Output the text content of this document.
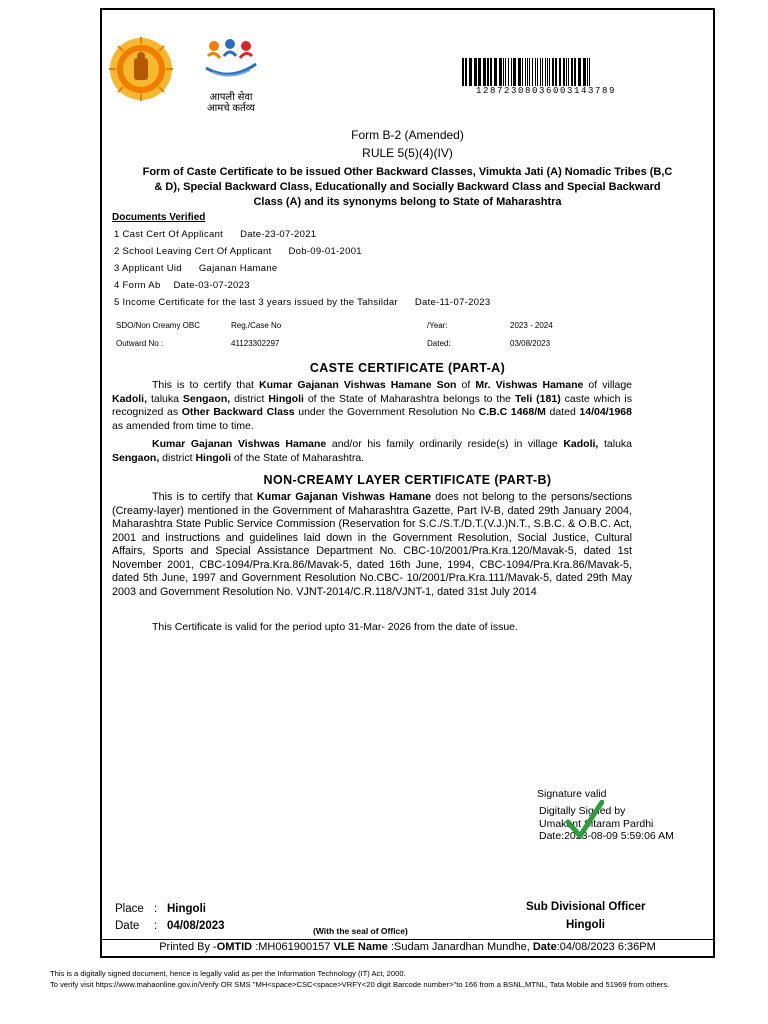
आपली सेवा
आमचे कर्तव्य
12872308036003143789
Form B-2 (Amended)
RULE 5(5)(4)(IV)
Form of Caste Certificate to be issued Other Backward Classes, Vimukta Jati (A) Nomadic Tribes (B,C & D), Special Backward Class, Educationally and Socially Backward Class and Special Backward Class (A) and its synonyms belong to State of Maharashtra
Documents Verified
1 Cast Cert Of Applicant Date-23-07-2021
2 School Leaving Cert Of Applicant Dob-09-01-2001
3 Applicant Uid Gajanan Hamane
4 Form Ab Date-03-07-2023
5 Income Certificate for the last 3 years issued by the Tahsildar Date-11-07-2023
SDO/Non Creamy OBC	Reg./Case No	/Year:	2023 - 2024
Outward No :	41123302297	Dated:	03/08/2023
CASTE CERTIFICATE (PART-A)
This is to certify that Kumar Gajanan Vishwas Hamane Son of Mr. Vishwas Hamane of village Kadoli, taluka Sengaon, district Hingoli of the State of Maharashtra belongs to the Teli (181) caste which is recognized as Other Backward Class under the Government Resolution No C.B.C 1468/M dated 14/04/1968 as amended from time to time.
Kumar Gajanan Vishwas Hamane and/or his family ordinarily reside(s) in village Kadoli, taluka Sengaon, district Hingoli of the State of Maharashtra.
NON-CREAMY LAYER CERTIFICATE (PART-B)
This is to certify that Kumar Gajanan Vishwas Hamane does not belong to the persons/sections (Creamy-layer) mentioned in the Government of Maharashtra Gazette, Part IV-B, dated 29th January 2004, Maharashtra State Public Service Commission (Reservation for S.C./S.T./D.T.(V.J.)N.T., S.B.C. & O.B.C. Act, 2001 and instructions and guidelines laid down in the Government Resolution, Social Justice, Cultural Affairs, Sports and Special Assistance Department No. CBC-10/2001/Pra.Kra.120/Mavak-5, dated 1st November 2001, CBC-1094/Pra.Kra.86/Mavak-5, dated 16th June, 1994, CBC-1094/Pra.Kra.86/Mavak-5, dated 5th June, 1997 and Government Resolution No.CBC- 10/2001/Pra.Kra.111/Mavak-5, dated 29th May 2003 and Government Resolution No. VJNT-2014/C.R.118/VJNT-1, dated 31st July 2014
This Certificate is valid for the period upto 31-Mar- 2026 from the date of issue.
Signature valid
Digitally Signed by
Umakant Sitaram Pardhi
Date:2023-08-09 5:59:06 AM
Sub Divisional Officer
Hingoli
Place : Hingoli
Date : 04/08/2023	(With the seal of Office)
Printed By -OMTID :MH061900157 VLE Name :Sudam Janardhan Mundhe, Date:04/08/2023 6:36PM
This is a digitally signed document, hence is legally valid as per the Information Technology (IT) Act, 2000.
To verify visit https://www.mahaonline.gov.in/Verify OR SMS "MH<space>CSC<space>VRFY<20 digit Barcode number>"to 166 from a BSNL,MTNL, Tata Mobile and 51969 from others.
